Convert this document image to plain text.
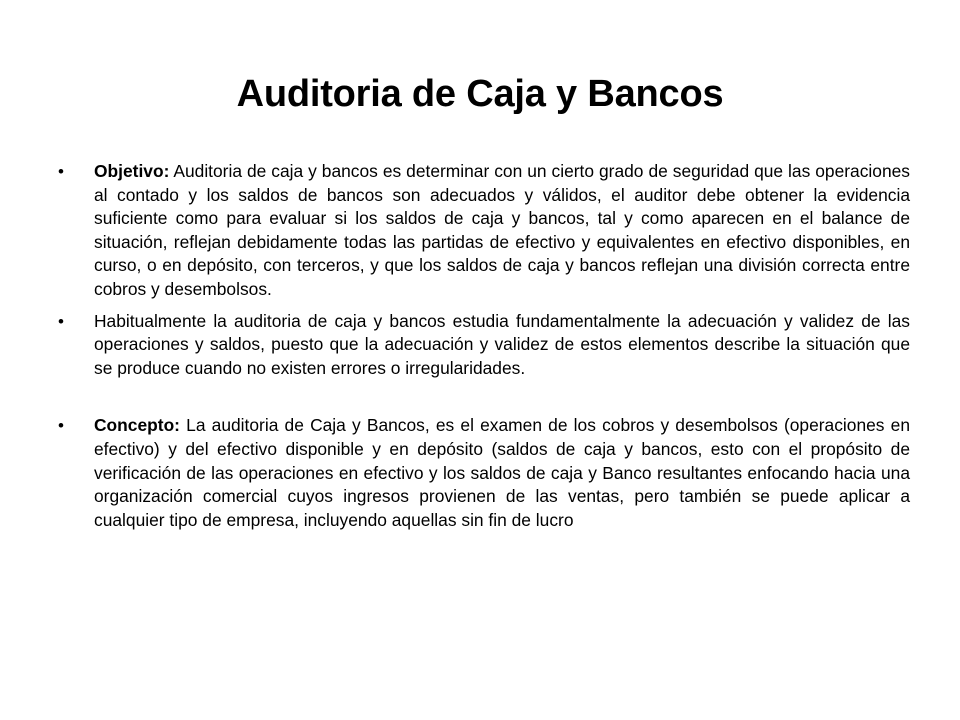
Auditoria de Caja y Bancos
•	Objetivo: Auditoria de caja y bancos es determinar con un cierto grado de seguridad que las operaciones al contado y los saldos de bancos son adecuados y válidos, el auditor debe obtener la evidencia suficiente como para evaluar si los saldos de caja y bancos, tal y como aparecen en el balance de situación, reflejan debidamente todas las partidas de efectivo y equivalentes en efectivo disponibles, en curso, o en depósito, con terceros, y que los saldos de caja y bancos reflejan una división correcta entre cobros y desembolsos.
•	Habitualmente la auditoria de caja y bancos estudia fundamentalmente la adecuación y validez de las operaciones y saldos, puesto que la adecuación y validez de estos elementos describe la situación que se produce cuando no existen errores o irregularidades.
•	Concepto: La auditoria de Caja y Bancos, es el examen de los cobros y desembolsos (operaciones en efectivo) y del efectivo disponible y en depósito (saldos de caja y bancos, esto con el propósito de verificación de las operaciones en efectivo y los saldos de caja y Banco resultantes enfocando hacia una organización comercial cuyos ingresos provienen de las ventas, pero también se puede aplicar a cualquier tipo de empresa, incluyendo aquellas sin fin de lucro
